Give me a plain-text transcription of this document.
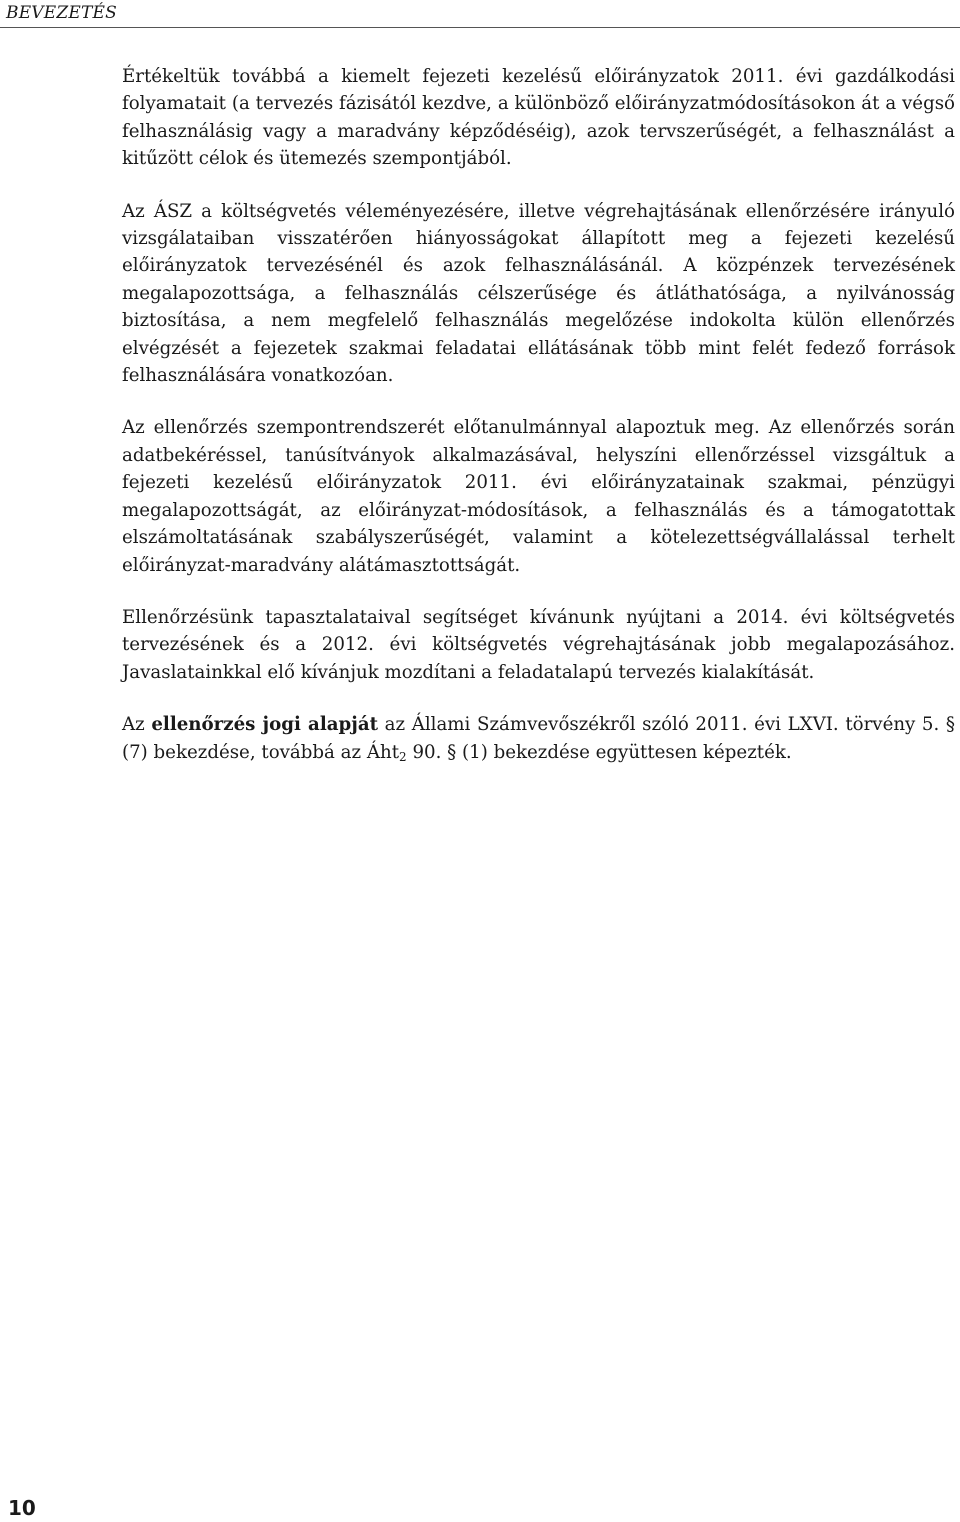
BEVEZETÉS

Értékeltük továbbá a kiemelt fejezeti kezelésű előirányzatok 2011. évi gazdálkodási folyamatait (a tervezés fázisától kezdve, a különböző előirányzatmódosításokon át a végső felhasználásig vagy a maradvány képződéséig), azok tervszerűségét, a felhasználást a kitűzött célok és ütemezés szempontjából.

Az ÁSZ a költségvetés véleményezésére, illetve végrehajtásának ellenőrzésére irányuló vizsgálataiban visszatérően hiányosságokat állapított meg a fejezeti kezelésű előirányzatok tervezésénél és azok felhasználásánál. A közpénzek tervezésének megalapozottsága, a felhasználás célszerűsége és átláthatósága, a nyilvánosság biztosítása, a nem megfelelő felhasználás megelőzése indokolta külön ellenőrzés elvégzését a fejezetek szakmai feladatai ellátásának több mint felét fedező források felhasználására vonatkozóan.

Az ellenőrzés szempontrendszerét előtanulmánnyal alapoztuk meg. Az ellenőrzés során adatbekéréssel, tanúsítványok alkalmazásával, helyszíni ellenőrzéssel vizsgáltuk a fejezeti kezelésű előirányzatok 2011. évi előirányzatainak szakmai, pénzügyi megalapozottságát, az előirányzat-módosítások, a felhasználás és a támogatottak elszámoltatásának szabályszerűségét, valamint a kötelezettségvállalással terhelt előirányzat-maradvány alátámasztottságát.

Ellenőrzésünk tapasztalataival segítséget kívánunk nyújtani a 2014. évi költségvetés tervezésének és a 2012. évi költségvetés végrehajtásának jobb megalapozásához. Javaslatainkkal elő kívánjuk mozdítani a feladatalapú tervezés kialakítását.

Az ellenőrzés jogi alapját az Állami Számvevőszékről szóló 2011. évi LXVI. törvény 5. § (7) bekezdése, továbbá az Áht$_2$ 90. § (1) bekezdése együttesen képezték.

10
